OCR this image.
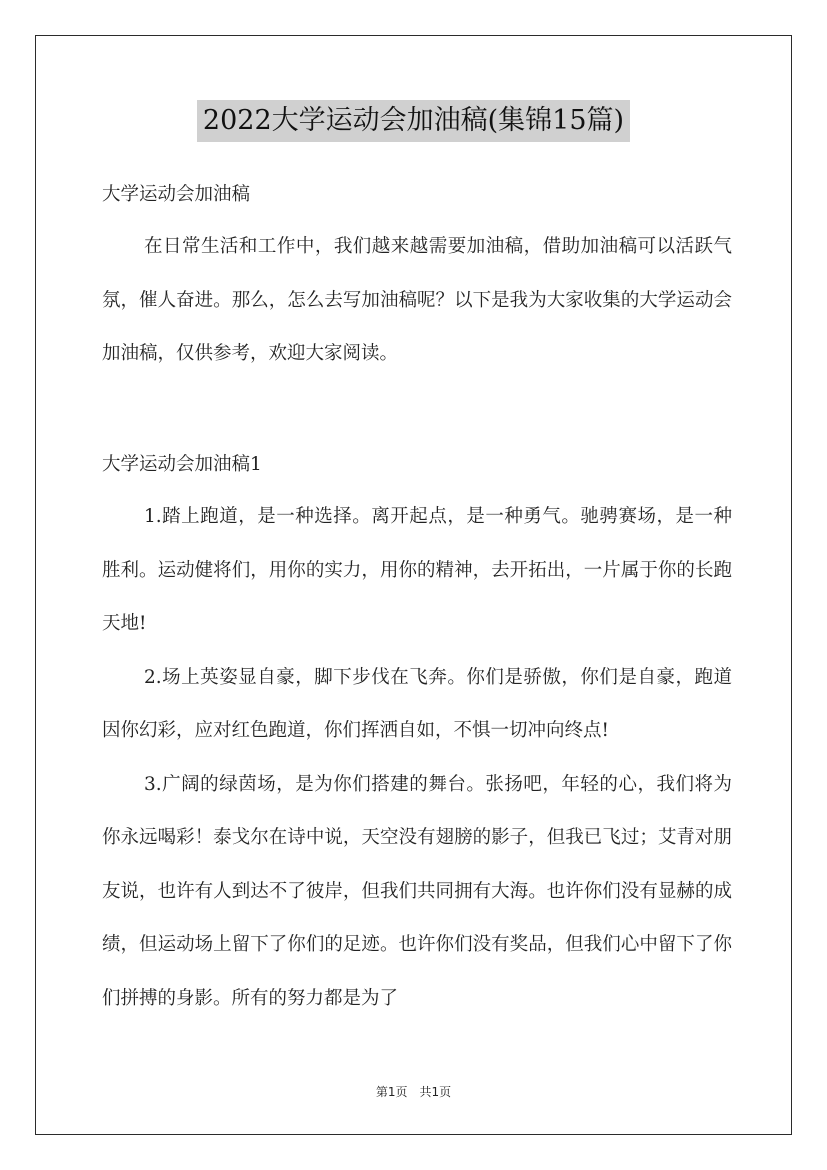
2022大学运动会加油稿(集锦15篇)
大学运动会加油稿

在日常生活和工作中，我们越来越需要加油稿，借助加油稿可以活跃气氛，催人奋进。那么，怎么去写加油稿呢？以下是我为大家收集的大学运动会加油稿，仅供参考，欢迎大家阅读。

大学运动会加油稿1

1.踏上跑道，是一种选择。离开起点，是一种勇气。驰骋赛场，是一种胜利。运动健将们，用你的实力，用你的精神，去开拓出，一片属于你的长跑天地!

2.场上英姿显自豪，脚下步伐在飞奔。你们是骄傲，你们是自豪，跑道因你幻彩，应对红色跑道，你们挥洒自如，不惧一切冲向终点!

3.广阔的绿茵场，是为你们搭建的舞台。张扬吧，年轻的心，我们将为你永远喝彩！泰戈尔在诗中说，天空没有翅膀的影子，但我已飞过；艾青对朋友说，也许有人到达不了彼岸，但我们共同拥有大海。也许你们没有显赫的成绩，但运动场上留下了你们的足迹。也许你们没有奖品，但我们心中留下了你们拼搏的身影。所有的努力都是为了

第1页　共1页
